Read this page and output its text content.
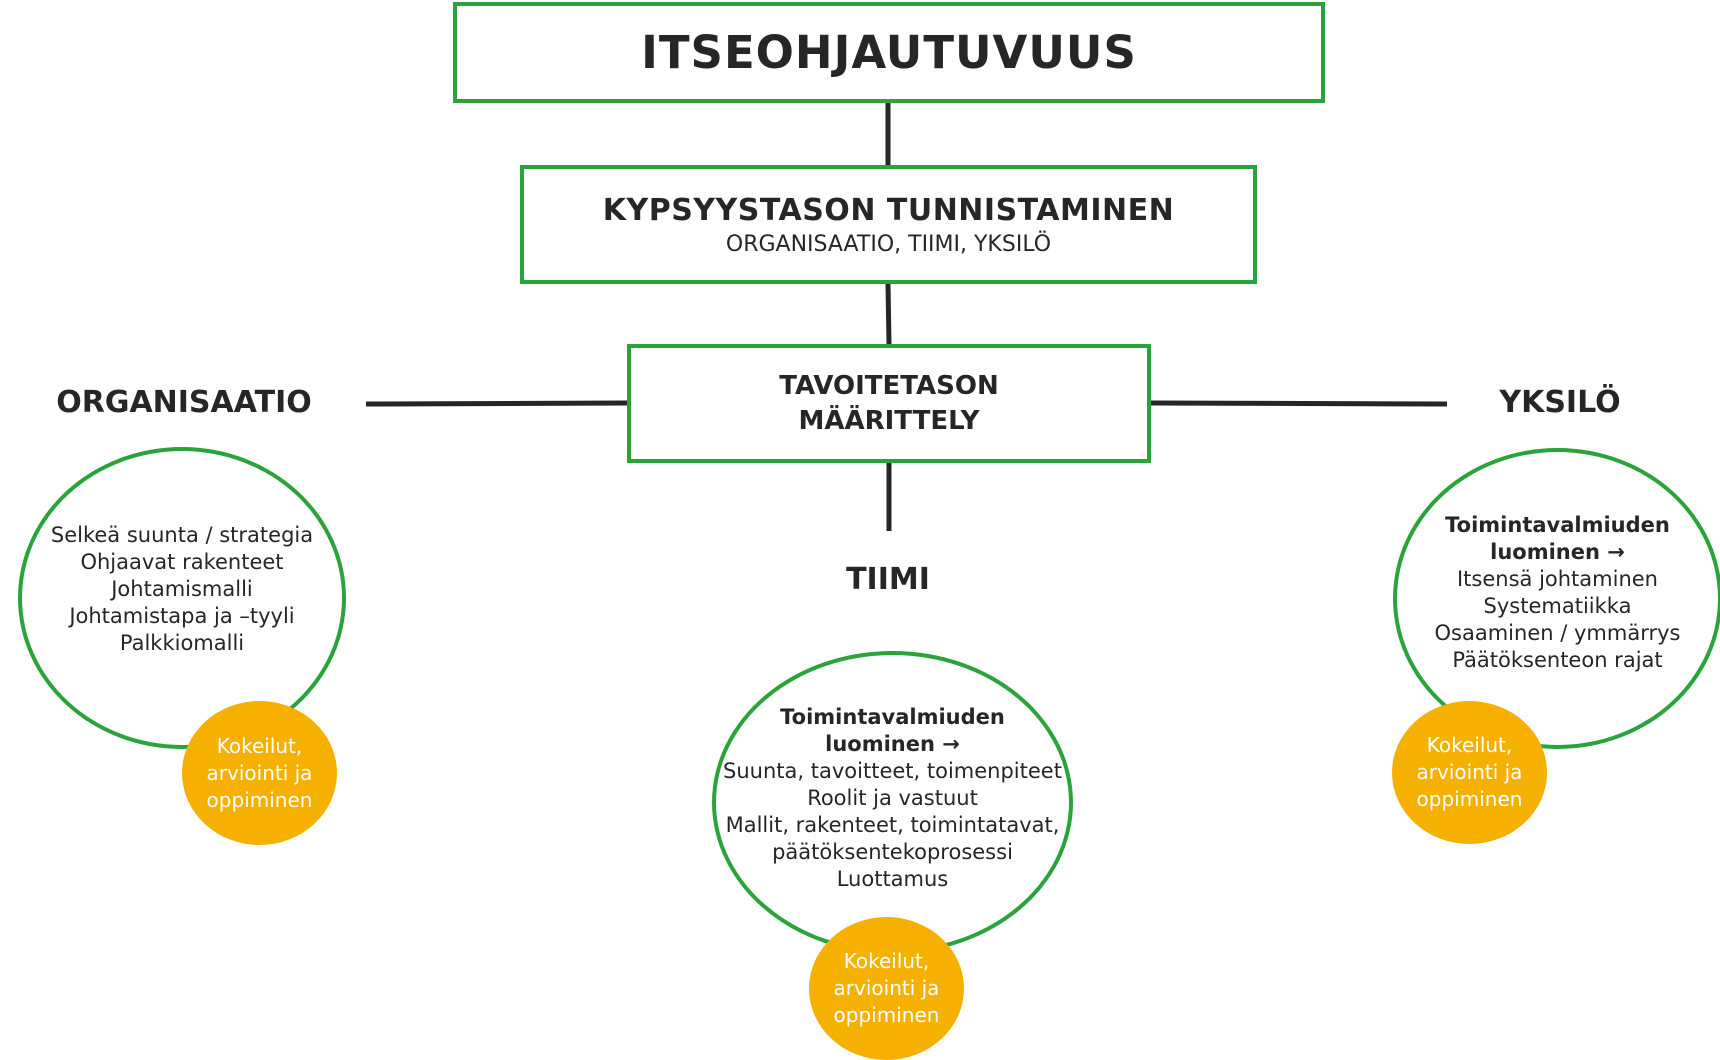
ITSEOHJAUTUVUUS
KYPSYYSTASON TUNNISTAMINEN
ORGANISAATIO, TIIMI, YKSILÖ
TAVOITETASON
MÄÄRITTELY
ORGANISAATIO
TIIMI
YKSILÖ
Selkeä suunta / strategia
Ohjaavat rakenteet
Johtamismalli
Johtamistapa ja –tyyli
Palkkiomalli
Toimintavalmiuden
luominen →
Suunta, tavoitteet, toimenpiteet
Roolit ja vastuut
Mallit, rakenteet, toimintatavat,
päätöksentekoprosessi
Luottamus
Toimintavalmiuden
luominen →
Itsensä johtaminen
Systematiikka
Osaaminen / ymmärrys
Päätöksenteon rajat
Kokeilut, arviointi ja oppiminen
Kokeilut, arviointi ja oppiminen
Kokeilut, arviointi ja oppiminen
